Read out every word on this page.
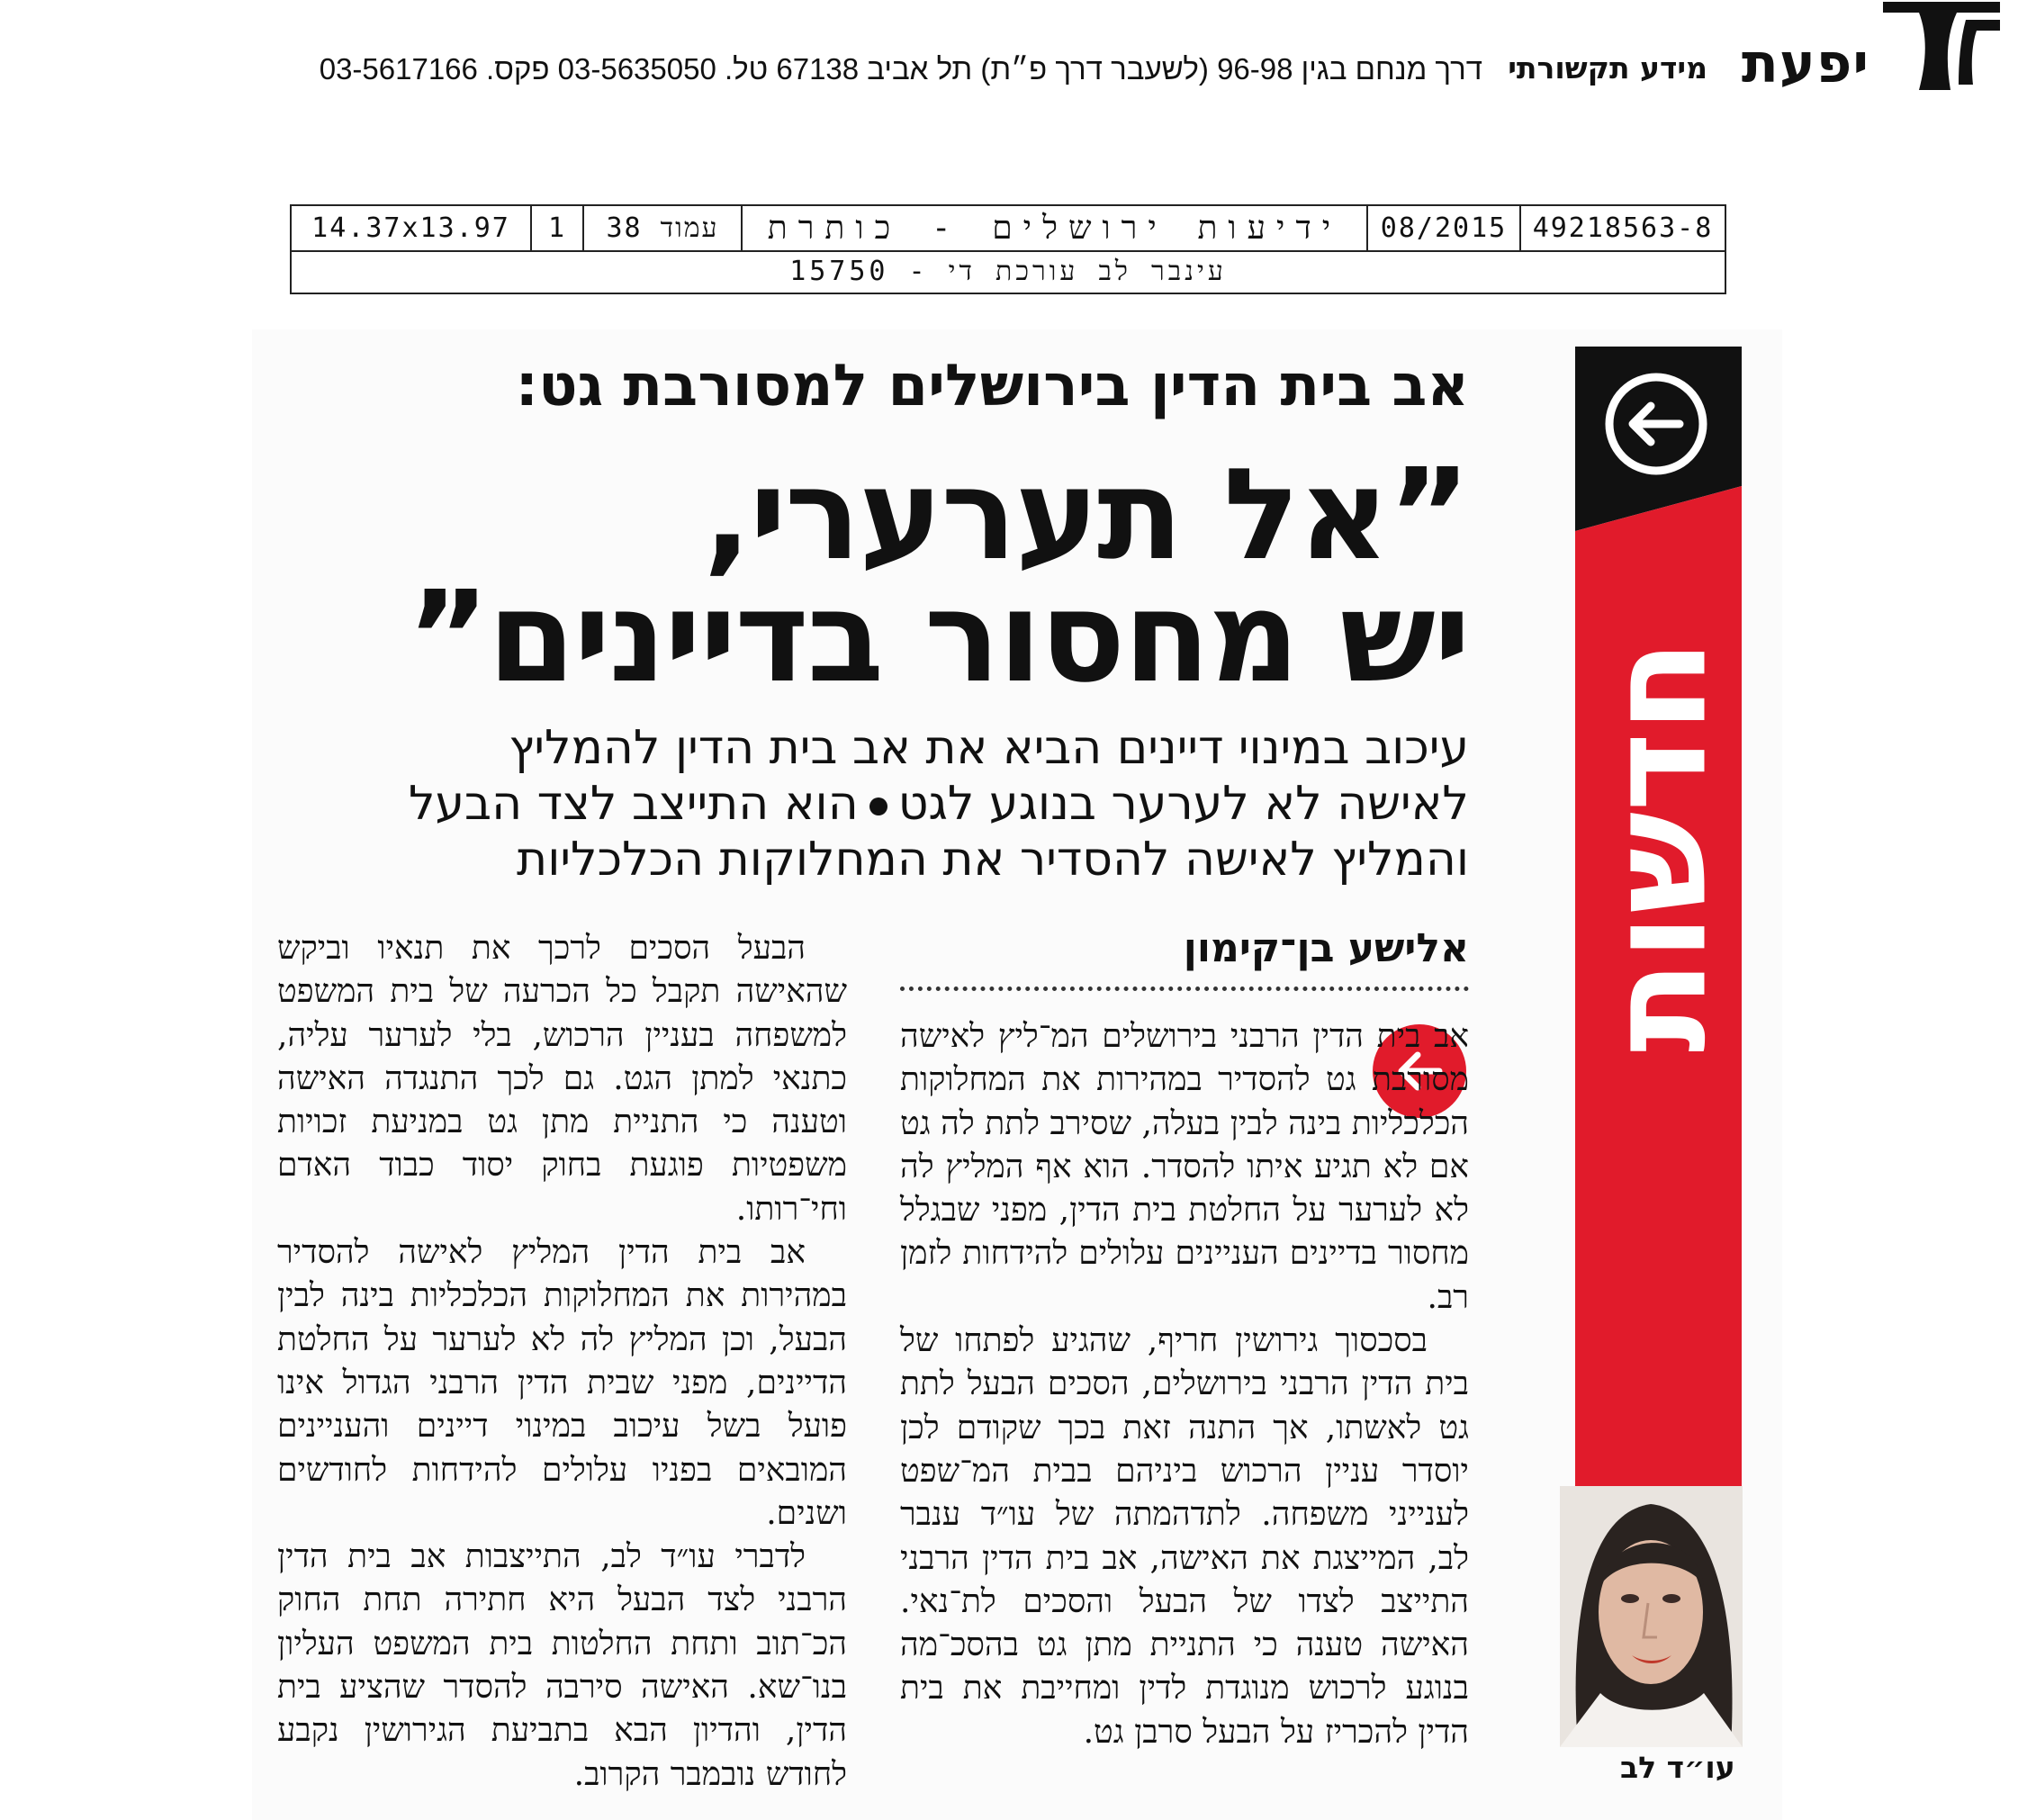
יפעת
מידע תקשורתי
דרך מנחם בגין 96-98 (לשעבר דרך פ״ת) תל אביב 67138 טל. 03-5635050 פקס. 03-5617166
14.37x13.97	1	עמוד 38	ידיעות ירושלים - כותרת	08/2015 49218563-8
עינבר לב עורכת די - 15750
חדשות
אב בית הדין בירושלים למסורבת גט:
”אל תערערי,
יש מחסור בדיינים”
עיכוב במינוי דיינים הביא את אב בית הדין להמליץ
לאישה לא לערער בנוגע לגטהוא התייצב לצד הבעל
והמליץ לאישה להסדיר את המחלוקות הכלכליות
אלישע בן־קימון

אב בית הדין הרבני בירושלים המ־ליץ לאישה מסורבת גט להסדיר במהירות את המחלוקות הכלכליות בינה לבין בעלה, שסירב לתת לה גט אם לא תגיע איתו להסדר. הוא אף המליץ לה לא לערער על החלטת בית הדין, מפני שבגלל מחסור בדיינים העניינים עלולים להידחות לזמן רב.

בסכסוך גירושין חריף, שהגיע לפתחו של בית הדין הרבני בירושלים, הסכים הבעל לתת גט לאשתו, אך התנה זאת בכך שקודם לכן יוסדר עניין הרכוש ביניהם בבית המ־שפט לענייני משפחה. לתדהמתה של עו״ד ענבר לב, המייצגת את האישה, אב בית הדין הרבני התייצב לצדו של הבעל והסכים לת־נאי. האישה טענה כי התניית מתן גט בהסכ־מה בנוגע לרכוש מנוגדת לדין ומחייבת את בית הדין להכריז על הבעל סרבן גט.

הבעל הסכים לרכך את תנאיו וביקש שהאישה תקבל כל הכרעה של בית המשפט למשפחה בעניין הרכוש, בלי לערער עליה, כתנאי למתן הגט. גם לכך התנגדה האישה וטענה כי התניית מתן גט במניעת זכויות משפטיות פוגעת בחוק יסוד כבוד האדם וחי־רותו.

אב בית הדין המליץ לאישה להסדיר במהירות את המחלוקות הכלכליות בינה לבין הבעל, וכן המליץ לה לא לערער על החלטת הדיינים, מפני שבית הדין הרבני הגדול אינו פועל בשל עיכוב במינוי דיינים והעניינים המובאים בפניו עלולים להידחות לחודשים ושנים.

לדברי עו״ד לב, התייצבות אב בית הדין הרבני לצד הבעל היא חתירה תחת החוק הכ־תוב ותחת החלטות בית המשפט העליון בנו־שא. האישה סירבה להסדר שהציע בית הדין, והדיון הבא בתביעת הגירושין נקבע לחודש נובמבר הקרוב.	עו״ד לב
